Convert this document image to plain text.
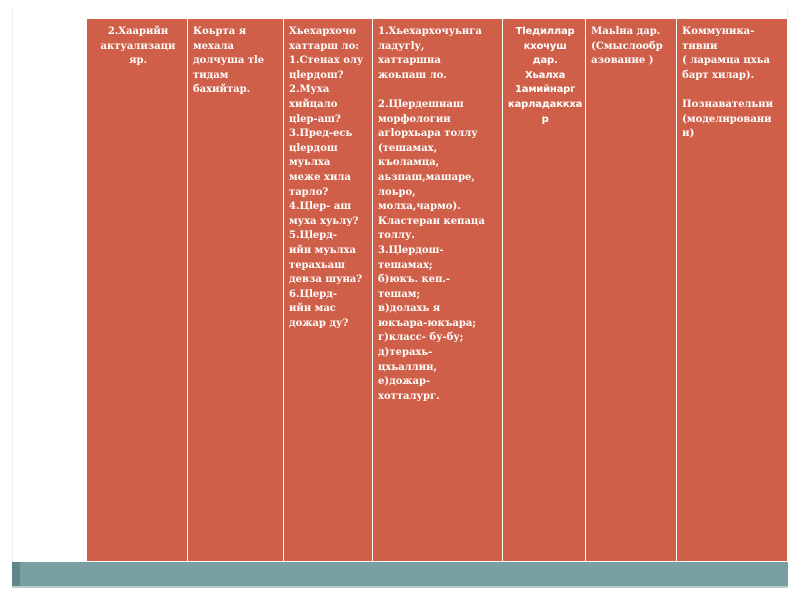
2.Хаарийн
актуализаци
яр.	Коьрта я
мехала
долчуша тlе
тидам
бахийтар.	Хьехархочо
хаттарш ло:
1.Стенах олу
цlердош?
2.Муха
хийцало
цlер-аш?
3.Пред-есь
цlердош
муьлха
меже хила
тарло?
4.Цlер- аш
муха хуьлу?
5.Цlерд-
ийн муьлха
терахьаш
девза шуна?
6.Цlерд-
ийн мас
дожар ду?	1.Хьехархочуьнга
ладугlу,
хаттаршна
жоьпаш ло.

2.Цlердешнаш
морфологии
агlорхьара толлу
(тешамах,
къоламца,
аьзпаш,машаре,
лоьро,
молха,чармо).
Кластеран кепаца
толлу.
3.Цlердош-
тешамах;
б)юкъ. кеп.-
тешам;
в)долахь я
юкъара-юкъара;
г)класс- бу-бу;
д)терахь-
цхьаллин,
е)дожар-
хотталург.	Тlедиллар
кхочуш
дар.
Хьалха
1амийнарг
карладаккха
р	Маьlна дар.
(Смыслообр
азование )	Коммуника-
тивни
( ларамца цхьа
барт хилар).

Познавательни
(моделировани
и)
